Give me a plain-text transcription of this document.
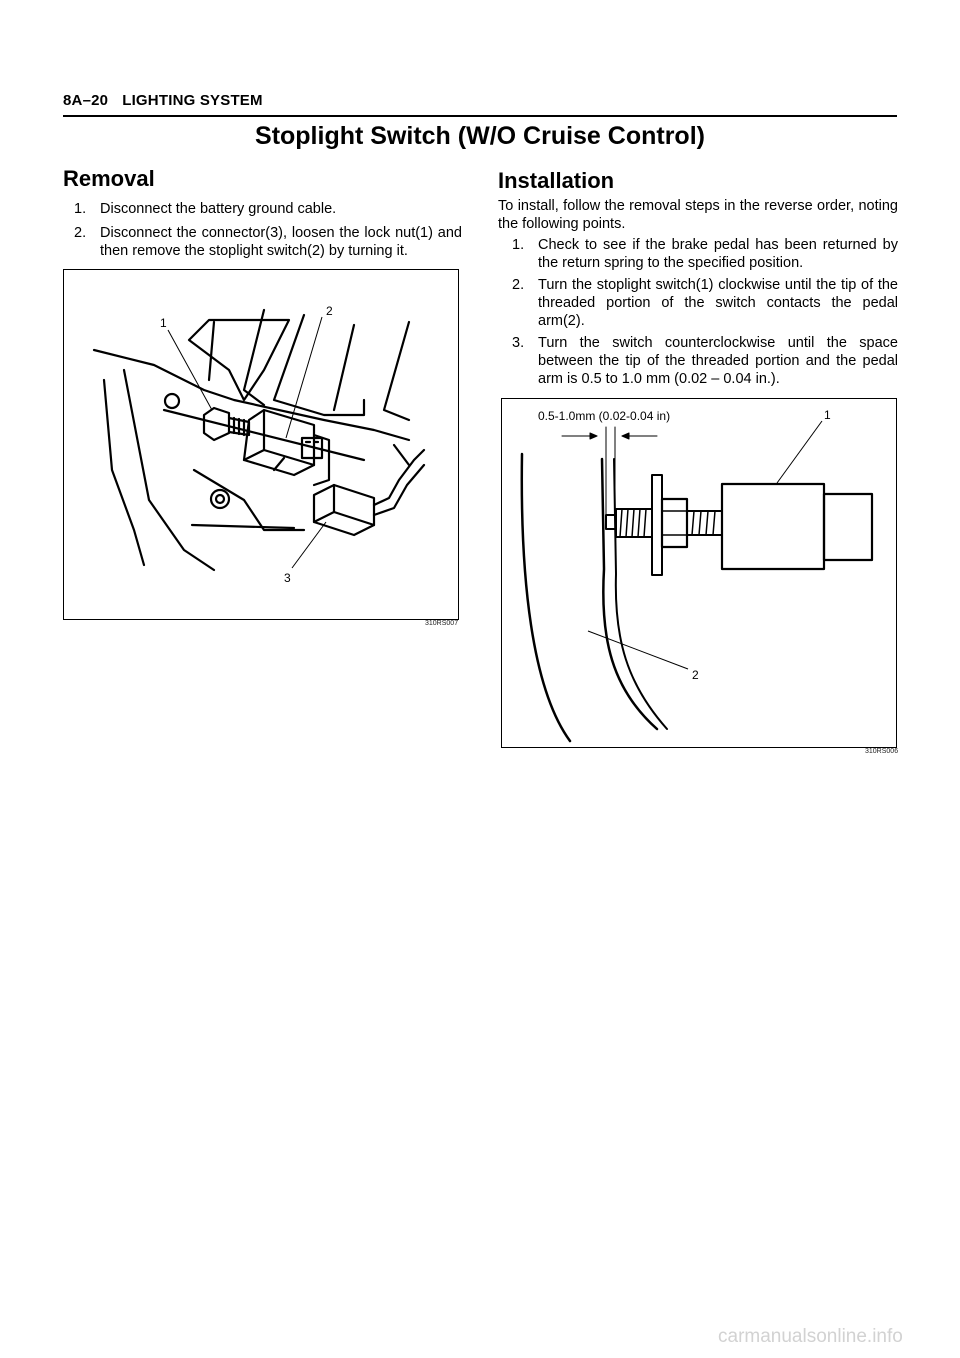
8A–20 LIGHTING SYSTEM
Stoplight Switch (W/O Cruise Control)
Removal
1. Disconnect the battery ground cable.
2. Disconnect the connector(3), loosen the lock nut(1) and then remove the stoplight switch(2) by turning it.
1
2
3
310RS007
Installation
To install, follow the removal steps in the reverse order, noting the following points.
1. Check to see if the brake pedal has been returned by the return spring to the specified position.
2. Turn the stoplight switch(1) clockwise until the tip of the threaded portion of the switch contacts the pedal arm(2).
3. Turn the switch counterclockwise until the space between the tip of the threaded portion and the pedal arm is 0.5 to 1.0 mm (0.02 – 0.04 in.).
0.5-1.0mm (0.02-0.04 in)	1
2
310RS006
carmanualsonline.info
